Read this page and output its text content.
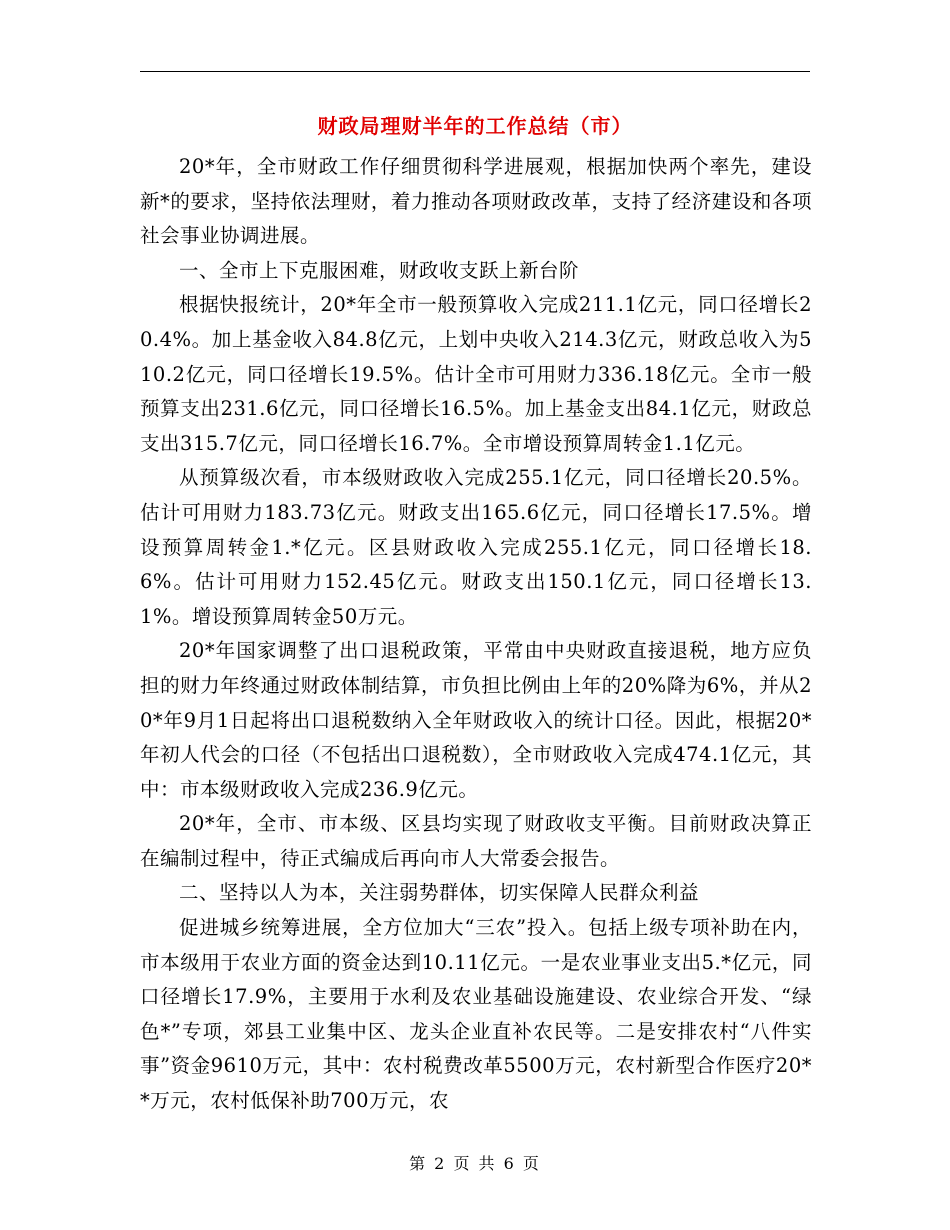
财政局理财半年的工作总结（市）

20*年，全市财政工作仔细贯彻科学进展观，根据加快两个率先，建设新*的要求，坚持依法理财，着力推动各项财政改革，支持了经济建设和各项社会事业协调进展。

一、全市上下克服困难，财政收支跃上新台阶

根据快报统计，20*年全市一般预算收入完成211.1亿元，同口径增长20.4%。加上基金收入84.8亿元，上划中央收入214.3亿元，财政总收入为510.2亿元，同口径增长19.5%。估计全市可用财力336.18亿元。全市一般预算支出231.6亿元，同口径增长16.5%。加上基金支出84.1亿元，财政总支出315.7亿元，同口径增长16.7%。全市增设预算周转金1.1亿元。

从预算级次看，市本级财政收入完成255.1亿元，同口径增长20.5%。估计可用财力183.73亿元。财政支出165.6亿元，同口径增长17.5%。增设预算周转金1.*亿元。区县财政收入完成255.1亿元，同口径增长18.6%。估计可用财力152.45亿元。财政支出150.1亿元，同口径增长13.1%。增设预算周转金50万元。

20*年国家调整了出口退税政策，平常由中央财政直接退税，地方应负担的财力年终通过财政体制结算，市负担比例由上年的20%降为6%，并从20*年9月1日起将出口退税数纳入全年财政收入的统计口径。因此，根据20*年初人代会的口径（不包括出口退税数），全市财政收入完成474.1亿元，其中：市本级财政收入完成236.9亿元。

20*年，全市、市本级、区县均实现了财政收支平衡。目前财政决算正在编制过程中，待正式编成后再向市人大常委会报告。

二、坚持以人为本，关注弱势群体，切实保障人民群众利益

促进城乡统筹进展，全方位加大“三农”投入。包括上级专项补助在内，市本级用于农业方面的资金达到10.11亿元。一是农业事业支出5.*亿元，同口径增长17.9%，主要用于水利及农业基础设施建设、农业综合开发、“绿色*”专项，郊县工业集中区、龙头企业直补农民等。二是安排农村“八件实事”资金9610万元，其中：农村税费改革5500万元，农村新型合作医疗20**万元，农村低保补助700万元，农

第 2 页 共 6 页
